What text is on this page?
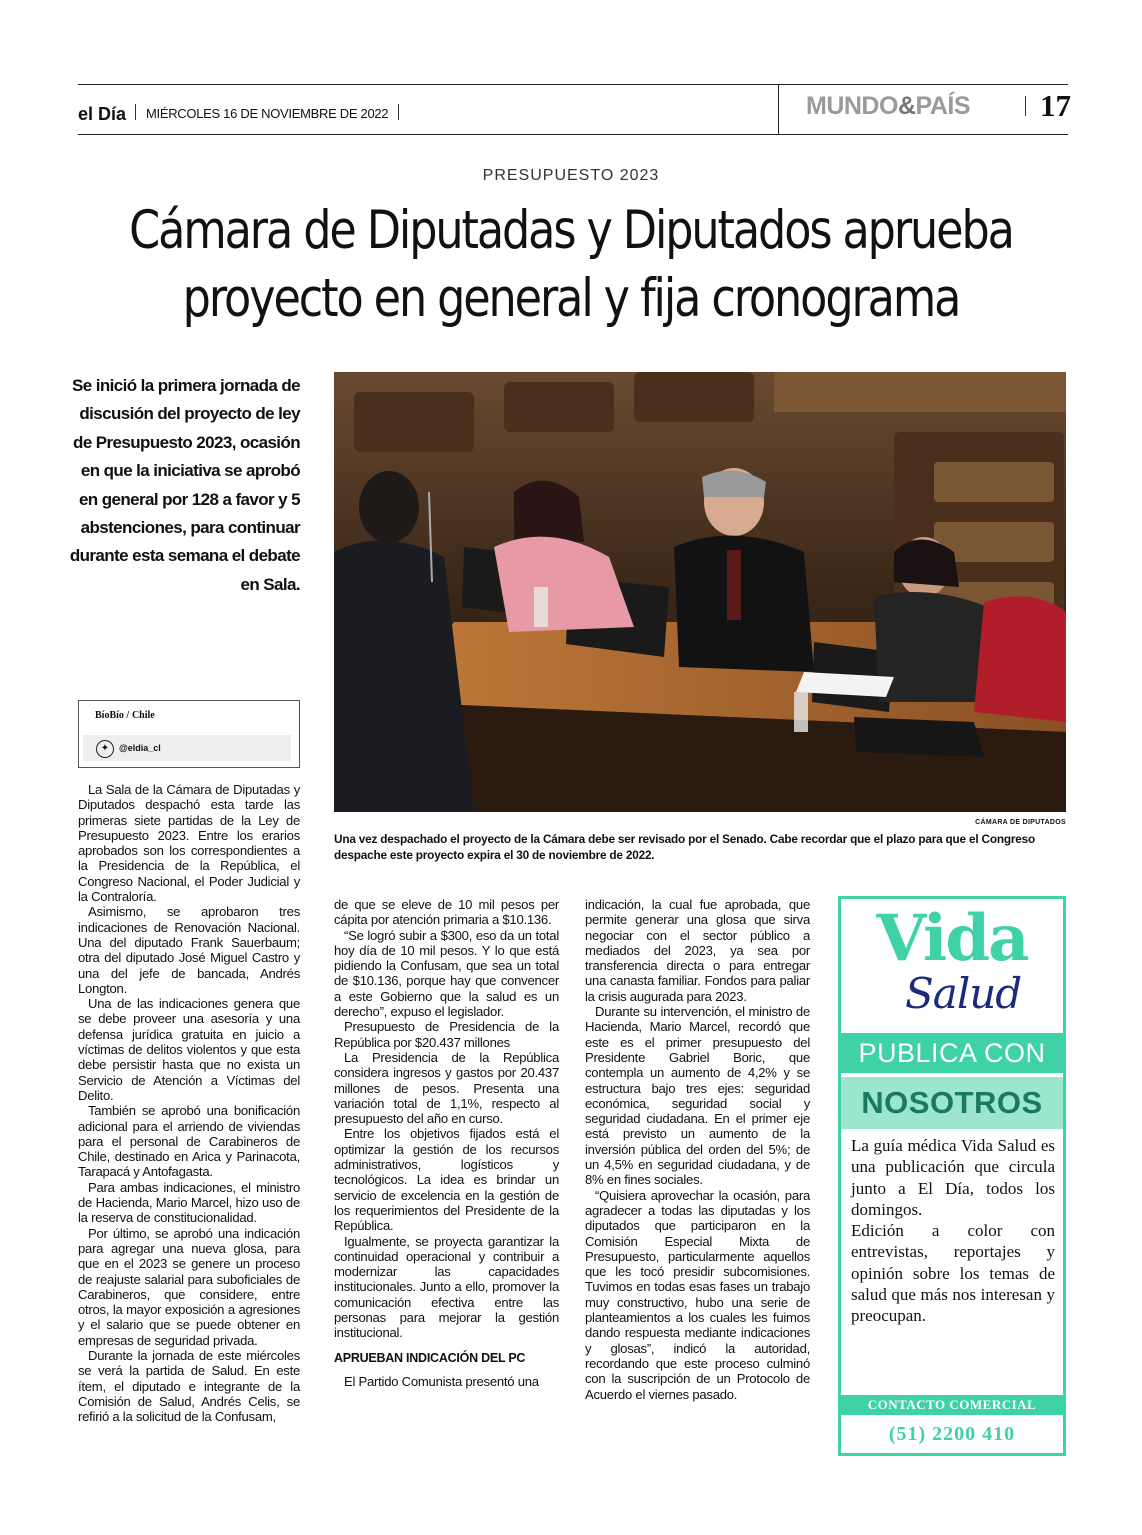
el Día MIÉRCOLES 16 DE NOVIEMBRE DE 2022	MUNDO&PAÍS 17
PRESUPUESTO 2023
Cámara de Diputadas y Diputados aprueba
proyecto en general y fija cronograma
Se inició la primera jornada de discusión del proyecto de ley de Presupuesto 2023, ocasión en que la iniciativa se aprobó en general por 128 a favor y 5 abstenciones, para continuar durante esta semana el debate en Sala.
BíoBío / Chile
✦	@eldia_cl
CÁMARA DE DIPUTADOS
Una vez despachado el proyecto de la Cámara debe ser revisado por el Senado. Cabe recordar que el plazo para que el Congreso despache este proyecto expira el 30 de noviembre de 2022.

La Sala de la Cámara de Diputadas y Diputados despachó esta tarde las primeras siete partidas de la Ley de Presupuesto 2023. Entre los erarios aprobados son los correspondientes a la Presidencia de la República, el Congreso Nacional, el Poder Judicial y la Contraloría.

Asimismo, se aprobaron tres indicaciones de Renovación Nacional. Una del diputado Frank Sauerbaum; otra del diputado José Miguel Castro y una del jefe de bancada, Andrés Longton.

Una de las indicaciones genera que se debe proveer una asesoría y una defensa jurídica gratuita en juicio a víctimas de delitos violentos y que esta debe persistir hasta que no exista un Servicio de Atención a Víctimas del Delito.

También se aprobó una bonificación adicional para el arriendo de viviendas para el personal de Carabineros de Chile, destinado en Arica y Parinacota, Tarapacá y Antofagasta.

Para ambas indicaciones, el ministro de Hacienda, Mario Marcel, hizo uso de la reserva de constitucionalidad.

Por último, se aprobó una indicación para agregar una nueva glosa, para que en el 2023 se genere un proceso de reajuste salarial para suboficiales de Carabineros, que considere, entre otros, la mayor exposición a agresiones y el salario que se puede obtener en empresas de seguridad privada.

Durante la jornada de este miércoles se verá la partida de Salud. En este ítem, el diputado e integrante de la Comisión de Salud, Andrés Celis, se refirió a la solicitud de la Confusam,

de que se eleve de 10 mil pesos per cápita por atención primaria a $10.136.

“Se logró subir a $300, eso da un total hoy día de 10 mil pesos. Y lo que está pidiendo la Confusam, que sea un total de $10.136, porque hay que convencer a este Gobierno que la salud es un derecho”, expuso el legislador.

Presupuesto de Presidencia de la República por $20.437 millones

La Presidencia de la República considera ingresos y gastos por 20.437 millones de pesos. Presenta una variación total de 1,1%, respecto al presupuesto del año en curso.

Entre los objetivos fijados está el optimizar la gestión de los recursos administrativos, logísticos y tecnológicos. La idea es brindar un servicio de excelencia en la gestión de los requerimientos del Presidente de la República.

Igualmente, se proyecta garantizar la continuidad operacional y contribuir a modernizar las capacidades institucionales. Junto a ello, promover la comunicación efectiva entre las personas para mejorar la gestión institucional.

APRUEBAN INDICACIÓN DEL PC

El Partido Comunista presentó una

indicación, la cual fue aprobada, que permite generar una glosa que sirva negociar con el sector público a mediados del 2023, ya sea por transferencia directa o para entregar una canasta familiar. Fondos para paliar la crisis augurada para 2023.

Durante su intervención, el ministro de Hacienda, Mario Marcel, recordó que este es el primer presupuesto del Presidente Gabriel Boric, que contempla un aumento de 4,2% y se estructura bajo tres ejes: seguridad económica, seguridad social y seguridad ciudadana. En el primer eje está previsto un aumento de la inversión pública del orden del 5%; de un 4,5% en seguridad ciudadana, y de 8% en fines sociales.

“Quisiera aprovechar la ocasión, para agradecer a todas las diputadas y los diputados que participaron en la Comisión Especial Mixta de Presupuesto, particularmente aquellos que les tocó presidir subcomisiones. Tuvimos en todas esas fases un trabajo muy constructivo, hubo una serie de planteamientos a los cuales les fuimos dando respuesta mediante indicaciones y glosas”, indicó la autoridad, recordando que este proceso culminó con la suscripción de un Protocolo de Acuerdo el viernes pasado.

Vida
Salud
PUBLICA CON
NOSOTROS

La guía médica Vida Salud es una publicación que circula junto a El Día, todos los domingos.

Edición a color con entrevistas, reportajes y opinión sobre los temas de salud que más nos interesan y preocupan.

CONTACTO COMERCIAL
(51) 2200 410
